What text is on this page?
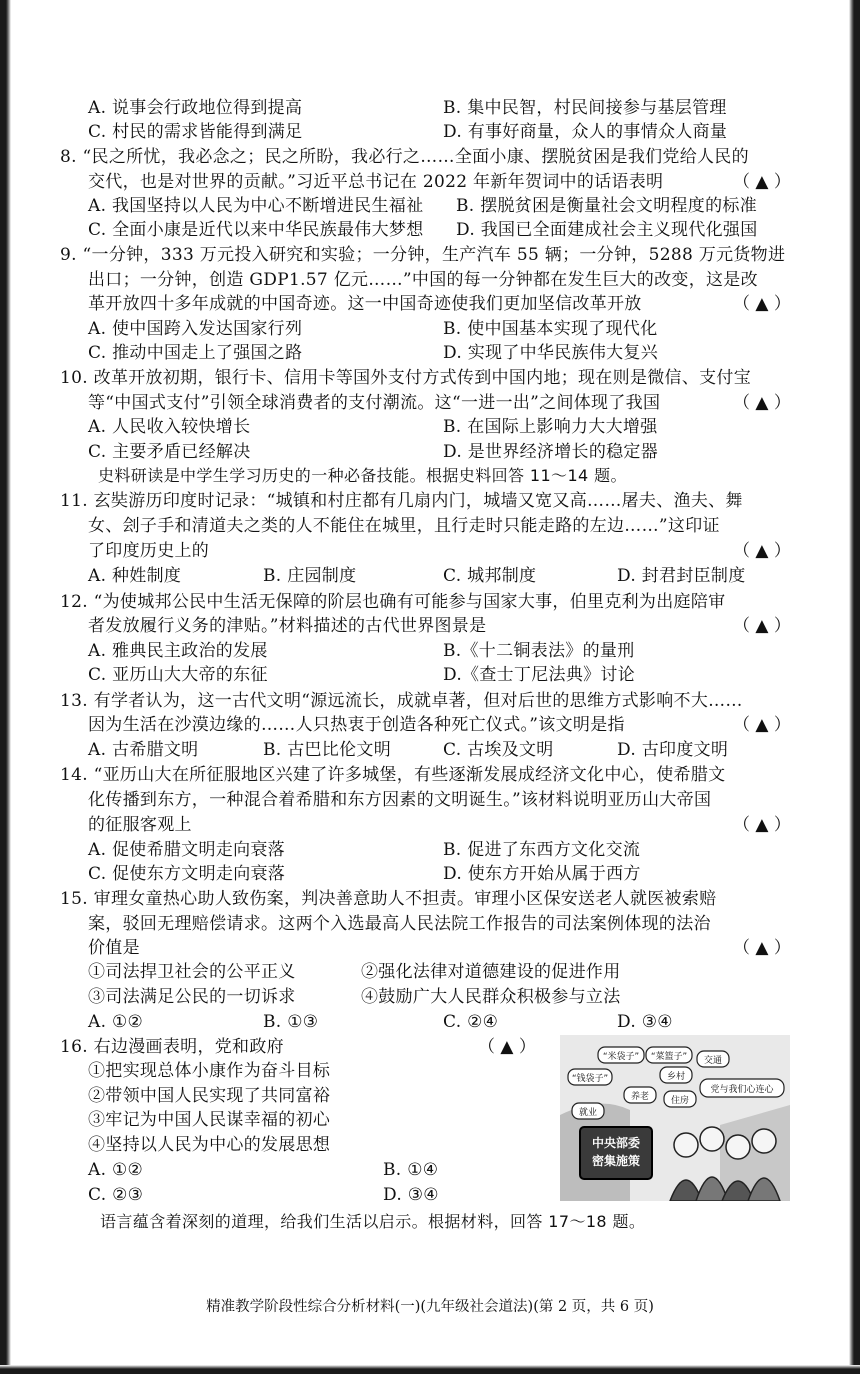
A. 说事会行政地位得到提高	B. 集中民智，村民间接参与基层管理
C. 村民的需求皆能得到满足	D. 有事好商量，众人的事情众人商量
8. “民之所忧，我必念之；民之所盼，我必行之……全面小康、摆脱贫困是我们党给人民的
交代，也是对世界的贡献。”习近平总书记在 2022 年新年贺词中的话语表明
A. 我国坚持以人民为中心不断增进民生福祉 B. 摆脱贫困是衡量社会文明程度的标准
C. 全面小康是近代以来中华民族最伟大梦想 D. 我国已全面建成社会主义现代化强国
9. “一分钟，333 万元投入研究和实验；一分钟，生产汽车 55 辆；一分钟，5288 万元货物进
出口；一分钟，创造 GDP1.57 亿元……”中国的每一分钟都在发生巨大的改变，这是改
革开放四十多年成就的中国奇迹。这一中国奇迹使我们更加坚信改革开放
A. 使中国跨入发达国家行列	B. 使中国基本实现了现代化
C. 推动中国走上了强国之路	D. 实现了中华民族伟大复兴
10. 改革开放初期，银行卡、信用卡等国外支付方式传到中国内地；现在则是微信、支付宝
等“中国式支付”引领全球消费者的支付潮流。这“一进一出”之间体现了我国
A. 人民收入较快增长	B. 在国际上影响力大大增强
C. 主要矛盾已经解决	D. 是世界经济增长的稳定器
史料研读是中学生学习历史的一种必备技能。根据史料回答 11～14 题。
11. 玄奘游历印度时记录：“城镇和村庄都有几扇内门，城墙又宽又高……屠夫、渔夫、舞
女、刽子手和清道夫之类的人不能住在城里，且行走时只能走路的左边……”这印证
了印度历史上的
A. 种姓制度	B. 庄园制度	C. 城邦制度	D. 封君封臣制度
12. “为使城邦公民中生活无保障的阶层也确有可能参与国家大事，伯里克利为出庭陪审
者发放履行义务的津贴。”材料描述的古代世界图景是
A. 雅典民主政治的发展	B.《十二铜表法》的量刑
C. 亚历山大大帝的东征	D.《查士丁尼法典》讨论
13. 有学者认为，这一古代文明“源远流长，成就卓著，但对后世的思维方式影响不大……
因为生活在沙漠边缘的……人只热衷于创造各种死亡仪式。”该文明是指
A. 古希腊文明	B. 古巴比伦文明	C. 古埃及文明	D. 古印度文明
14. “亚历山大在所征服地区兴建了许多城堡，有些逐渐发展成经济文化中心，使希腊文
化传播到东方，一种混合着希腊和东方因素的文明诞生。”该材料说明亚历山大帝国
的征服客观上
A. 促使希腊文明走向衰落	B. 促进了东西方文化交流
C. 促使东方文明走向衰落	D. 使东方开始从属于西方
15. 审理女童热心助人致伤案，判决善意助人不担责。审理小区保安送老人就医被索赔
案，驳回无理赔偿请求。这两个入选最高人民法院工作报告的司法案例体现的法治
价值是
①司法捍卫社会的公平正义	②强化法律对道德建设的促进作用
③司法满足公民的一切诉求	④鼓励广大人民群众积极参与立法
A. ①②	B. ①③	C. ②④	D. ③④
16. 右边漫画表明，党和政府
①把实现总体小康作为奋斗目标
②带领中国人民实现了共同富裕
③牢记为中国人民谋幸福的初心
④坚持以人民为中心的发展思想
A. ①②	B. ①④
C. ②③	D. ③④
语言蕴含着深刻的道理，给我们生活以启示。根据材料，回答 17～18 题。
（ ▲ ）
（ ▲ ）
（ ▲ ）
（ ▲ ）
（ ▲ ）
（ ▲ ）
（ ▲ ）
（ ▲ ）
（ ▲ ）
中央部委
密集施策
“米袋子” “菜篮子” 交通
“钱袋子”	乡村
养老 住房
就业
党与我们心连心
精准教学阶段性综合分析材料(一)(九年级社会道法)(第 2 页，共 6 页)
